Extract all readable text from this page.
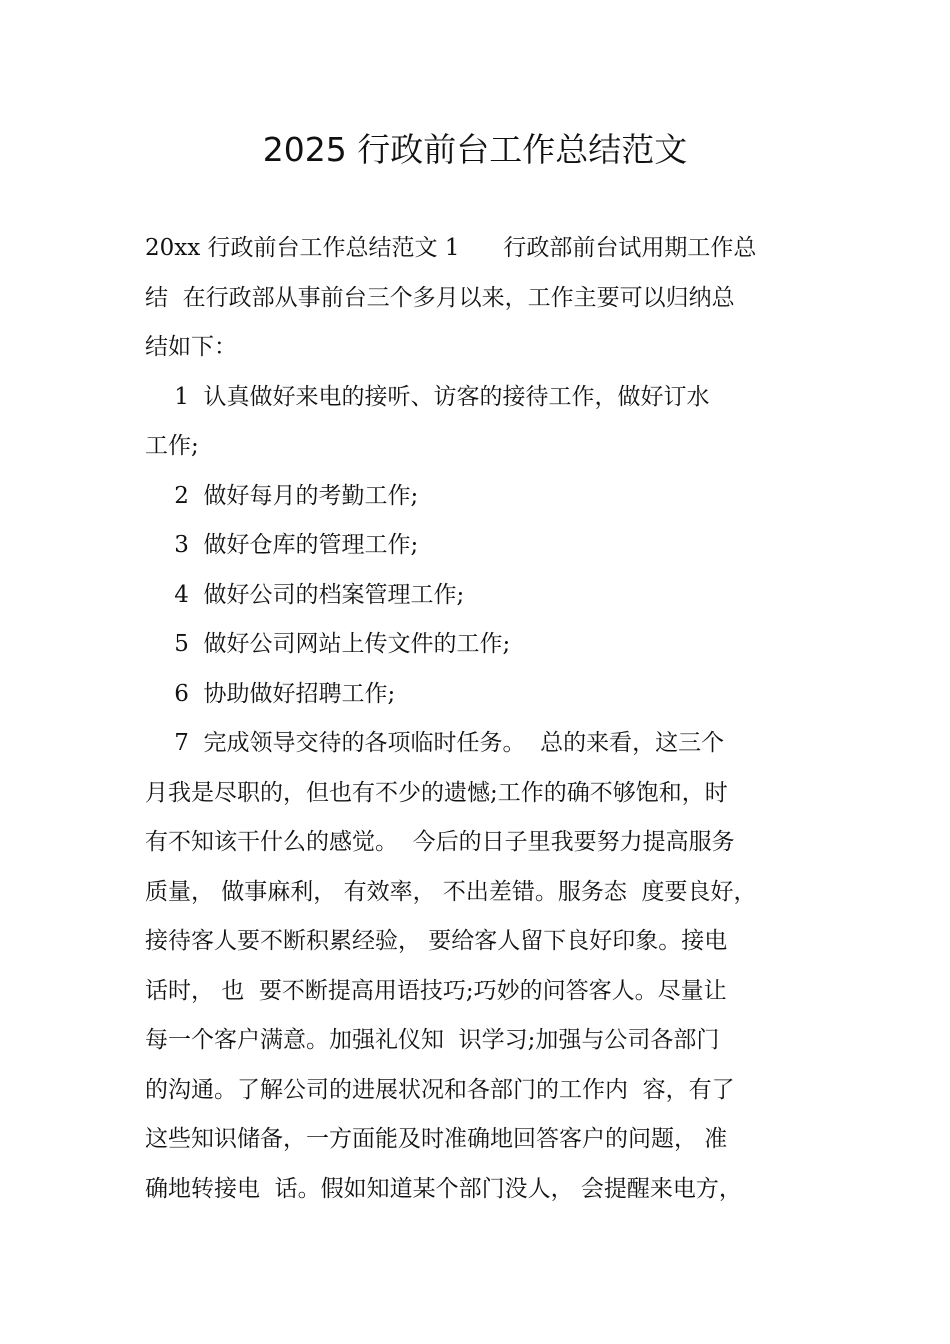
2025 行政前台工作总结范文
20xx 行政前台工作总结范文 1      行政部前台试用期工作总
结  在行政部从事前台三个多月以来，工作主要可以归纳总
结如下：
1  认真做好来电的接听、访客的接待工作，做好订水
工作;
2  做好每月的考勤工作;
3  做好仓库的管理工作;
4  做好公司的档案管理工作;
5  做好公司网站上传文件的工作;
6  协助做好招聘工作;
7  完成领导交待的各项临时任务。  总的来看，这三个
月我是尽职的，但也有不少的遗憾;工作的确不够饱和，时
有不知该干什么的感觉。  今后的日子里我要努力提高服务
质量， 做事麻利， 有效率， 不出差错。服务态  度要良好，
接待客人要不断积累经验， 要给客人留下良好印象。接电
话时， 也  要不断提高用语技巧;巧妙的问答客人。尽量让
每一个客户满意。加强礼仪知  识学习;加强与公司各部门
的沟通。了解公司的进展状况和各部门的工作内  容，有了
这些知识储备，一方面能及时准确地回答客户的问题， 准
确地转接电  话。假如知道某个部门没人， 会提醒来电方，
